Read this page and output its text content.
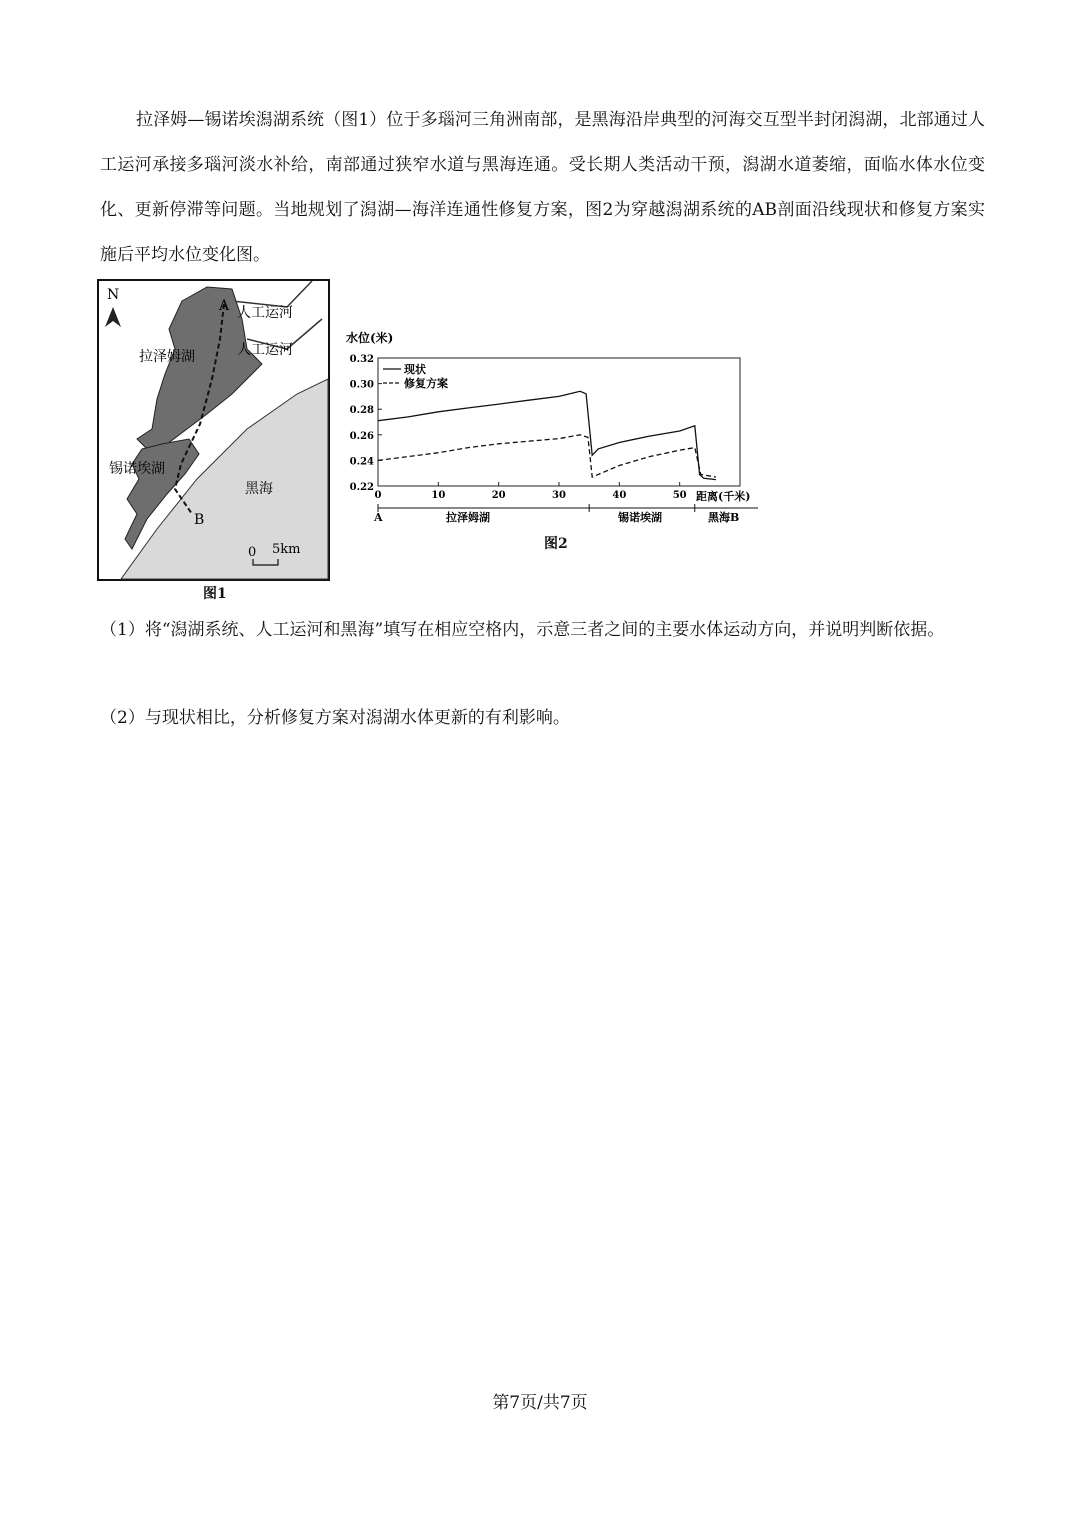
拉泽姆—锡诺埃潟湖系统（图1）位于多瑙河三角洲南部，是黑海沿岸典型的河海交互型半封闭潟湖，北部通过人工运河承接多瑙河淡水补给，南部通过狭窄水道与黑海连通。受长期人类活动干预，潟湖水道萎缩，面临水体水位变化、更新停滞等问题。当地规划了潟湖—海洋连通性修复方案，图2为穿越潟湖系统的AB剖面沿线现状和修复方案实施后平均水位变化图。

N
A
B
人工运河
人工运河
拉泽姆湖
锡诺埃湖
黑海
0 5km
图1
水位(米)
0.22
0.24
0.26
0.28
0.30
0.32
0	10	20	30	40	50
现状
修复方案
距离(千米)
A	拉泽姆湖	锡诺埃湖	黑海B
图2

（1）将“潟湖系统、人工运河和黑海”填写在相应空格内，示意三者之间的主要水体运动方向，并说明判断依据。

（2）与现状相比，分析修复方案对潟湖水体更新的有利影响。

第7页/共7页
